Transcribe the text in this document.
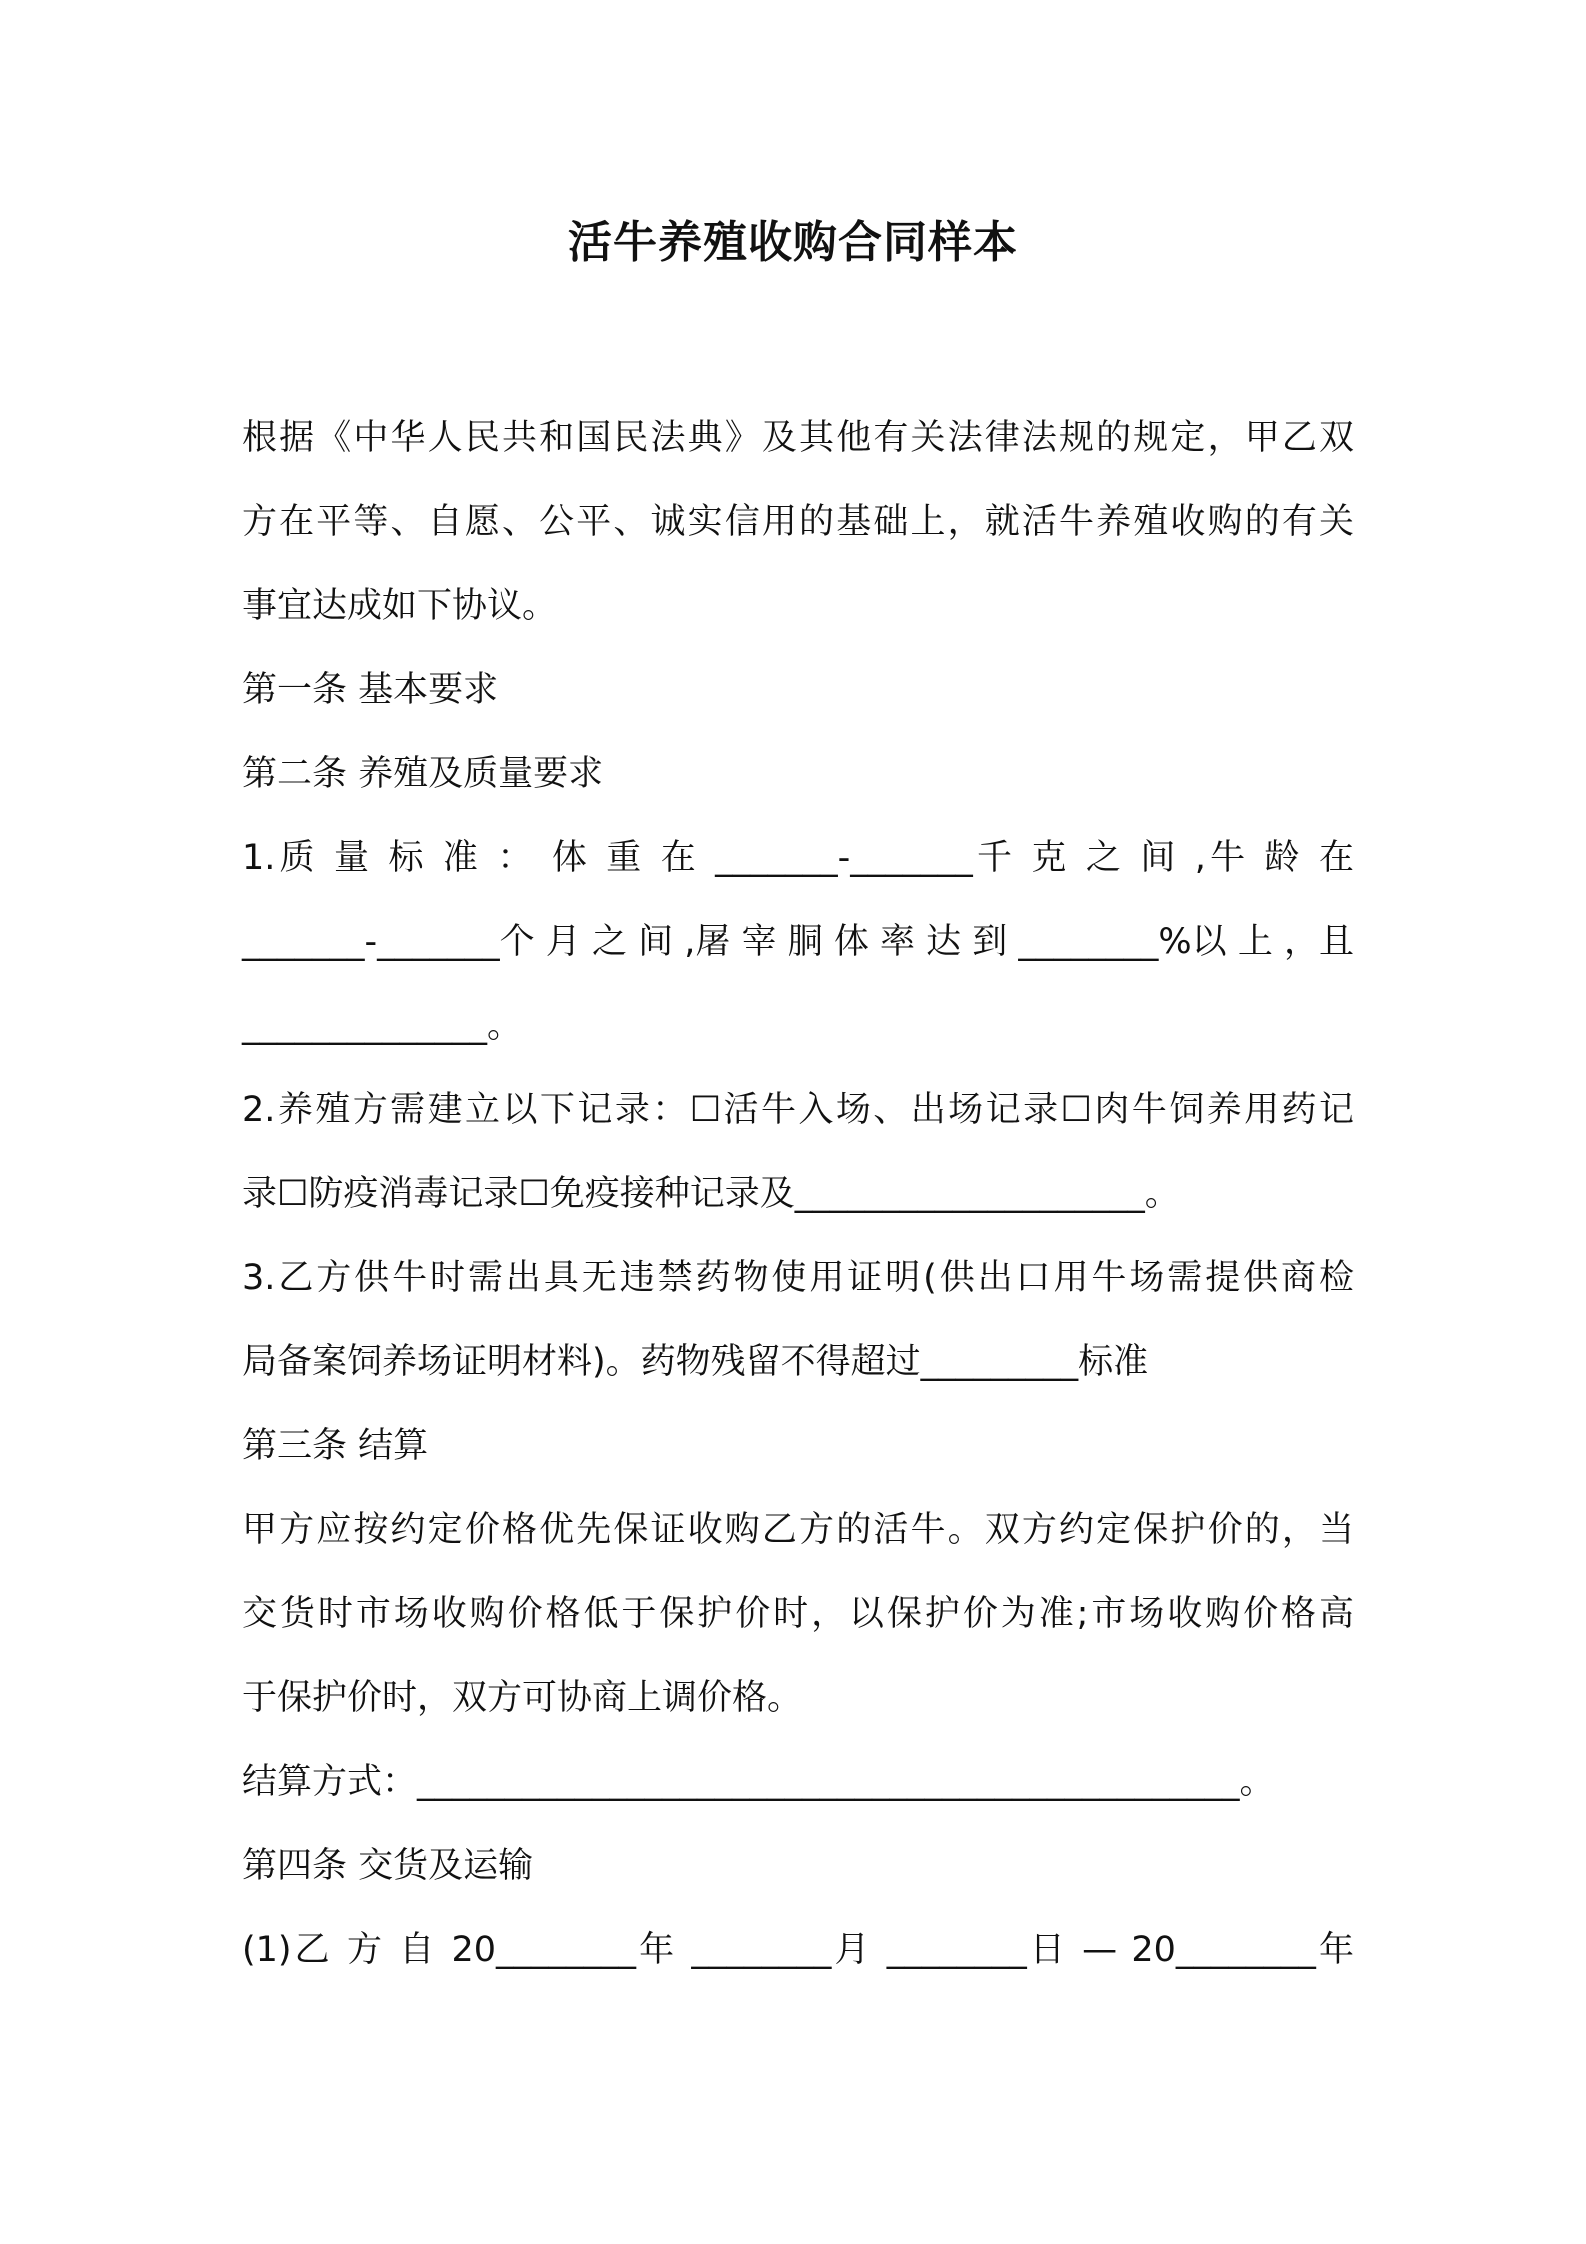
活牛养殖收购合同样本
根据《中华人民共和国民法典》及其他有关法律法规的规定，甲乙双
方在平等、自愿、公平、诚实信用的基础上，就活牛养殖收购的有关
事宜达成如下协议。
第一条 基本要求
第二条 养殖及质量要求
1.质 量 标 准 ： 体 重 在 _______-_______千 克 之 间 ,牛 龄 在
_______-_______个 月 之 间 ,屠 宰 胴 体 率 达 到 ________%以 上 ，且
______________。
2.养殖方需建立以下记录：☐活牛入场、出场记录☐肉牛饲养用药记
录☐防疫消毒记录☐免疫接种记录及____________________。
3.乙方供牛时需出具无违禁药物使用证明(供出口用牛场需提供商检
局备案饲养场证明材料)。药物残留不得超过_________标准
第三条 结算
甲方应按约定价格优先保证收购乙方的活牛。双方约定保护价的，当
交货时市场收购价格低于保护价时，以保护价为准;市场收购价格高
于保护价时，双方可协商上调价格。
结算方式：_______________________________________________。
第四条 交货及运输
(1)乙 方 自 20________年 ________月 ________日 — 20________年
